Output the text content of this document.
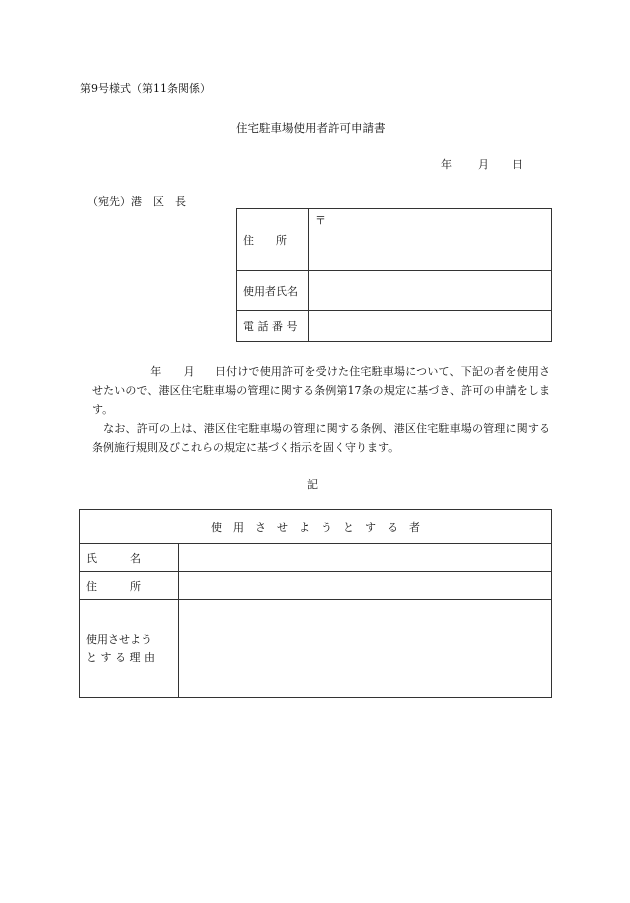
第9号様式（第11条関係）
住宅駐車場使用者許可申請書
年 月 日
（宛先）港　区　長
住　　所	〒
使用者氏名	
電 話 番 号	

年 月 日付けで使用許可を受けた住宅駐車場について、下記の者を使用させたいので、港区住宅駐車場の管理に関する条例第17条の規定に基づき、許可の申請をします。

なお、許可の上は、港区住宅駐車場の管理に関する条例、港区住宅駐車場の管理に関する条例施行規則及びこれらの規定に基づく指示を固く守ります。

記
使　用　さ　せ　よ　う　と　す　る　者	
氏　　　名	
住　　　所	

使用させよう
と す る 理 由	
